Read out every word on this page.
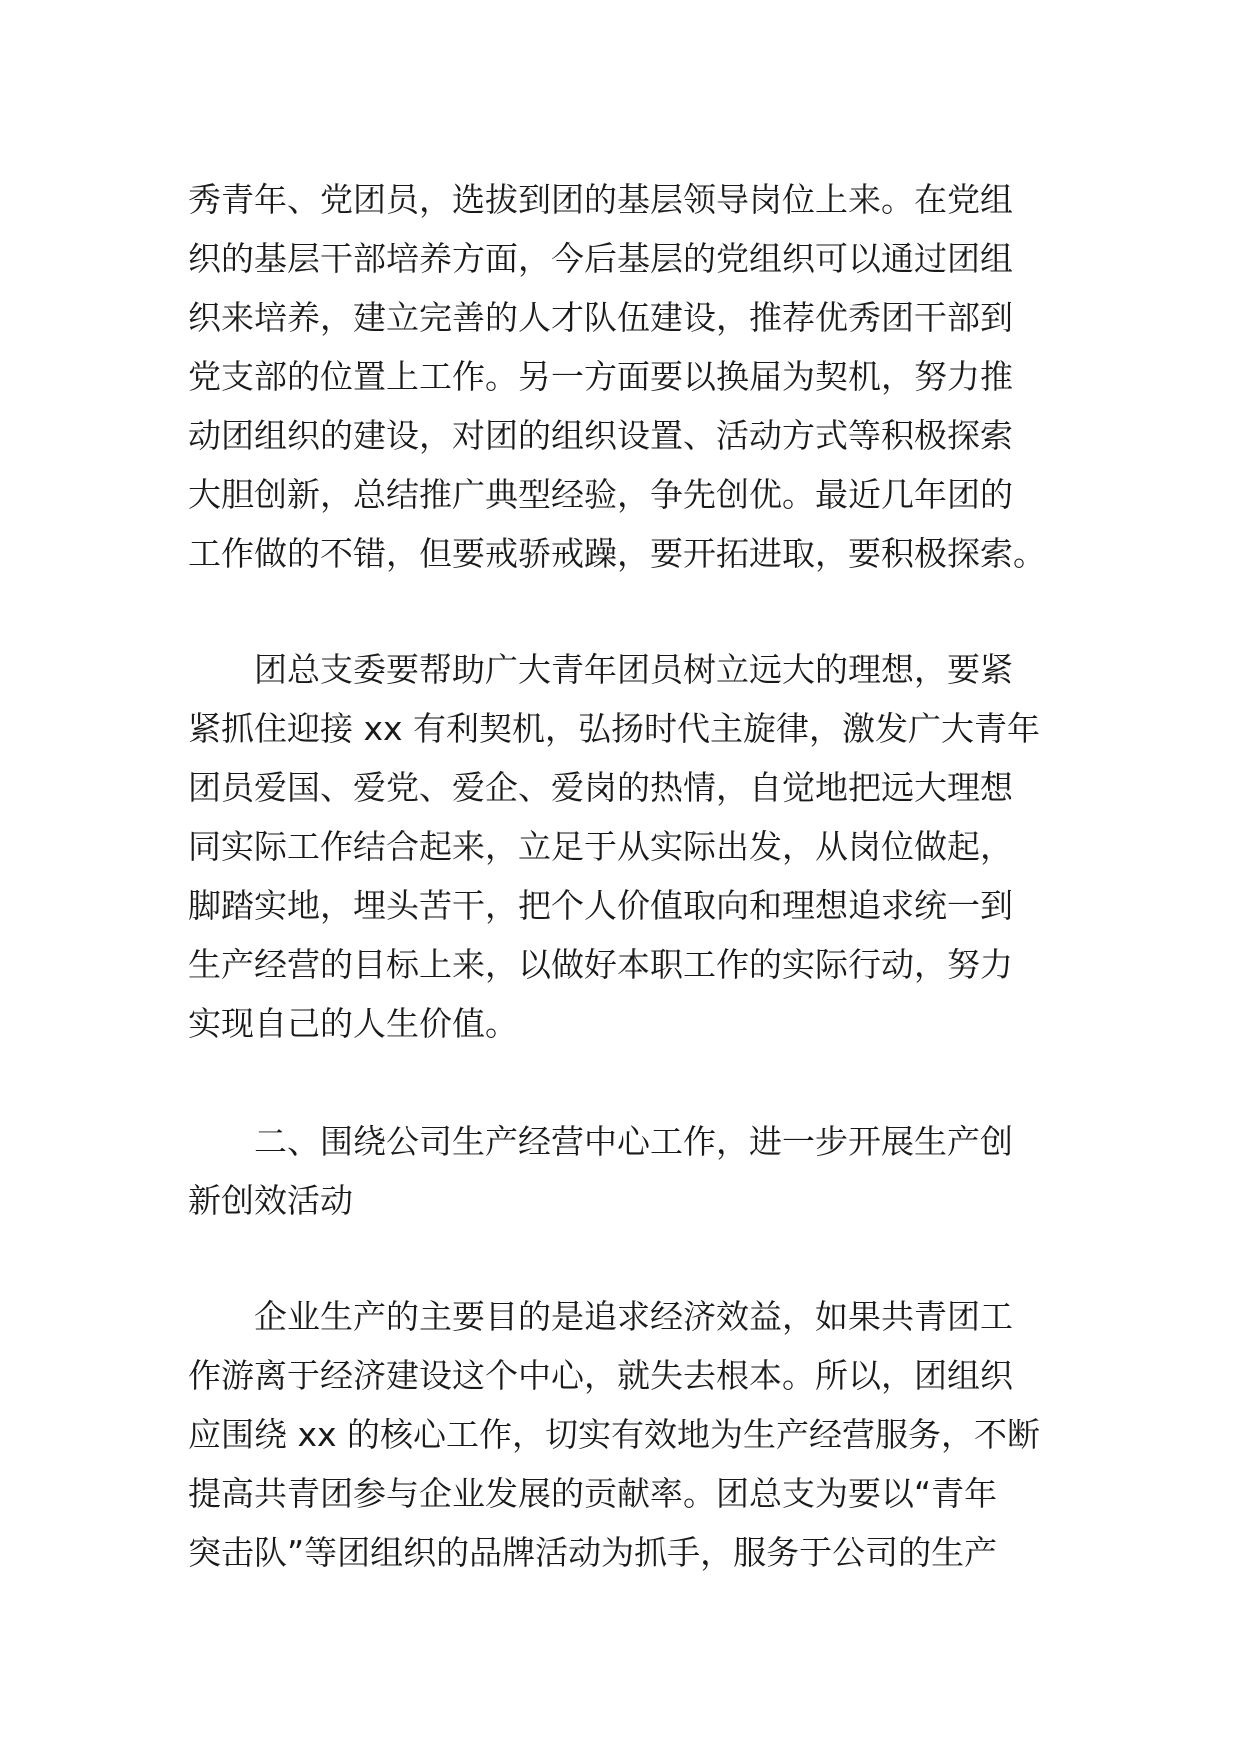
秀青年、党团员，选拔到团的基层领导岗位上来。在党组
织的基层干部培养方面，今后基层的党组织可以通过团组
织来培养，建立完善的人才队伍建设，推荐优秀团干部到
党支部的位置上工作。另一方面要以换届为契机，努力推
动团组织的建设，对团的组织设置、活动方式等积极探索
大胆创新，总结推广典型经验，争先创优。最近几年团的
工作做的不错，但要戒骄戒躁，要开拓进取，要积极探索。

　　团总支委要帮助广大青年团员树立远大的理想，要紧
紧抓住迎接 xx 有利契机，弘扬时代主旋律，激发广大青年
团员爱国、爱党、爱企、爱岗的热情，自觉地把远大理想
同实际工作结合起来，立足于从实际出发，从岗位做起，
脚踏实地，埋头苦干，把个人价值取向和理想追求统一到
生产经营的目标上来，以做好本职工作的实际行动，努力
实现自己的人生价值。

　　二、围绕公司生产经营中心工作，进一步开展生产创
新创效活动

　　企业生产的主要目的是追求经济效益，如果共青团工
作游离于经济建设这个中心，就失去根本。所以，团组织
应围绕 xx 的核心工作，切实有效地为生产经营服务，不断
提高共青团参与企业发展的贡献率。团总支为要以“青年
突击队”等团组织的品牌活动为抓手，服务于公司的生产
